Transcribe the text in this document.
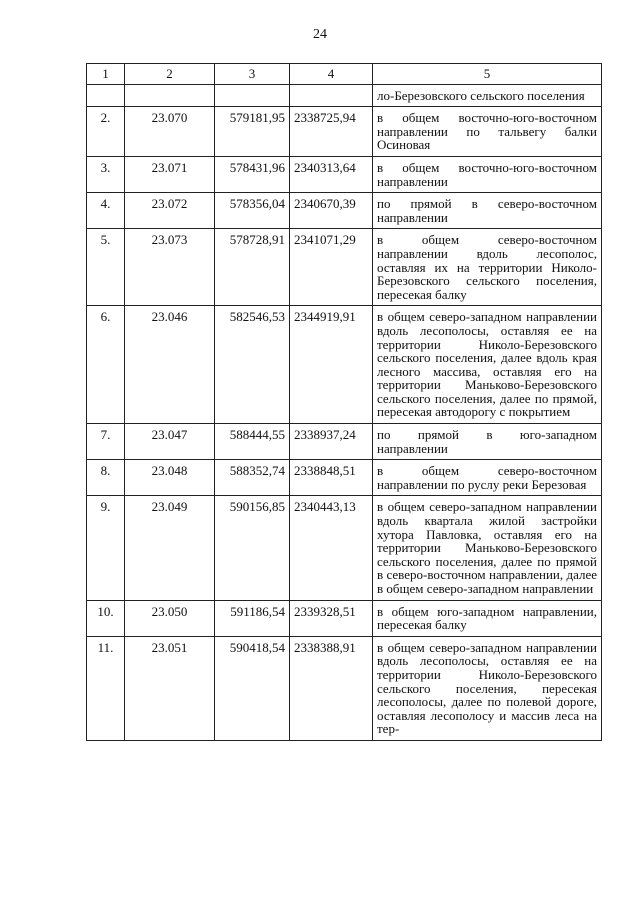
24
1	2	3	4	5
				ло-Березовского сельского поселения
2.	23.070	579181,95	2338725,94	в общем восточно-юго-восточном направлении по тальвегу балки Осиновая
3.	23.071	578431,96	2340313,64	в общем восточно-юго-восточном направлении
4.	23.072	578356,04	2340670,39	по прямой в северо-восточном направлении
5.	23.073	578728,91	2341071,29	в общем северо-восточном направлении вдоль лесополос, оставляя их на территории Николо-Березовского сельского поселения, пересекая балку
6.	23.046	582546,53	2344919,91	в общем северо-западном направлении вдоль лесополосы, оставляя ее на территории Николо-Березовского сельского поселения, далее вдоль края лесного массива, оставляя его на территории Маньково-Березовского сельского поселения, далее по прямой, пересекая автодорогу с покрытием
7.	23.047	588444,55	2338937,24	по прямой в юго-западном направлении
8.	23.048	588352,74	2338848,51	в общем северо-восточном направлении по руслу реки Березовая
9.	23.049	590156,85	2340443,13	в общем северо-западном направлении вдоль квартала жилой застройки хутора Павловка, оставляя его на территории Маньково-Березовского сельского поселения, далее по прямой в северо-восточном направлении, далее в общем северо-западном направлении
10.	23.050	591186,54	2339328,51	в общем юго-западном направлении, пересекая балку
11.	23.051	590418,54	2338388,91	в общем северо-западном направлении вдоль лесополосы, оставляя ее на территории Николо-Березовского сельского поселения, пересекая лесополосы, далее по полевой дороге, оставляя лесополосу и массив леса на тер-
